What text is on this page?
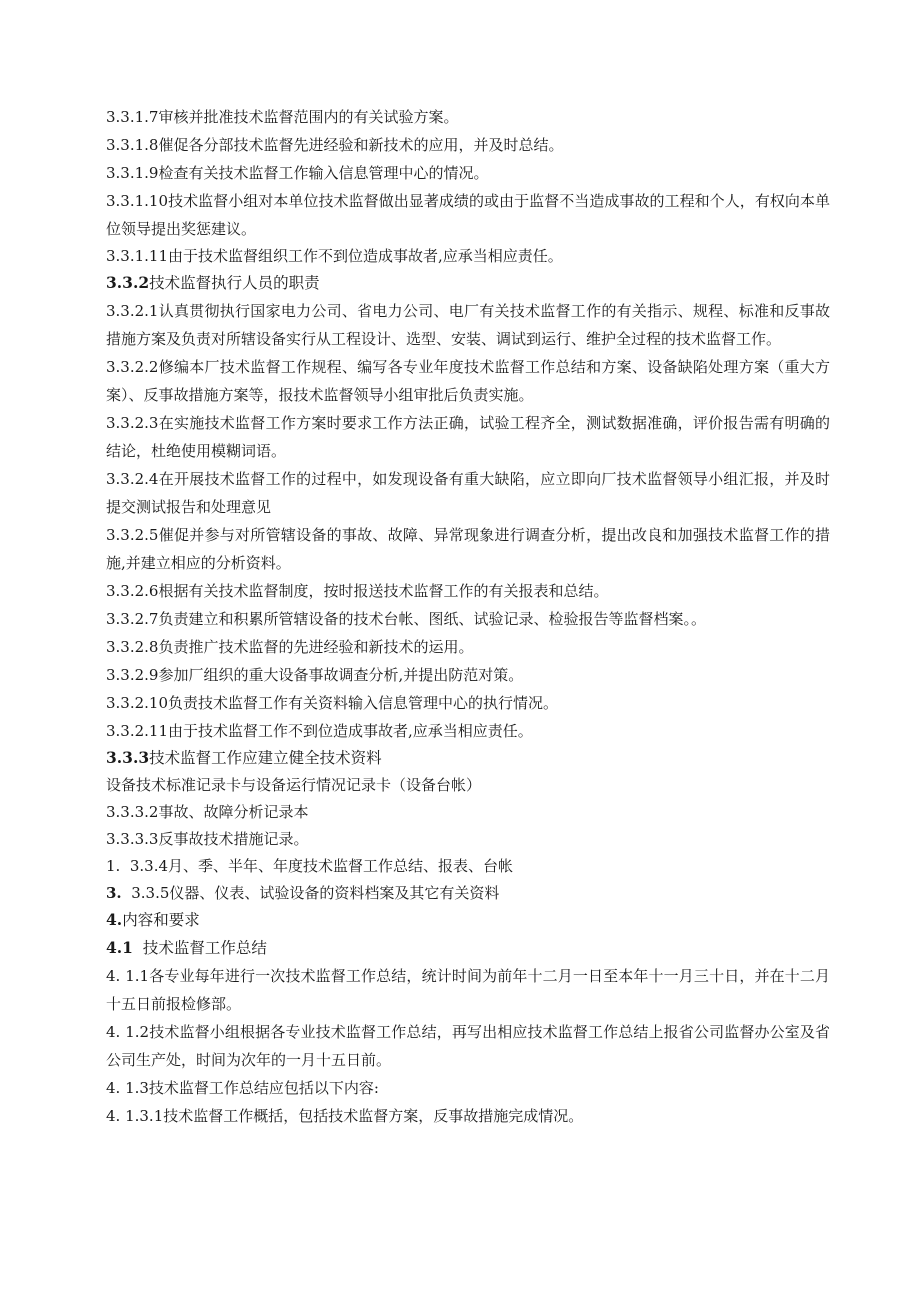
3.3.1.7审核并批准技术监督范围内的有关试验方案。
3.3.1.8催促各分部技术监督先进经验和新技术的应用，并及时总结。
3.3.1.9检查有关技术监督工作输入信息管理中心的情况。
3.3.1.10技术监督小组对本单位技术监督做出显著成绩的或由于监督不当造成事故的工程和个人，有权向本单位领导提出奖惩建议。
3.3.1.11由于技术监督组织工作不到位造成事故者,应承当相应责任。
3.3.2技术监督执行人员的职责
3.3.2.1认真贯彻执行国家电力公司、省电力公司、电厂有关技术监督工作的有关指示、规程、标准和反事故措施方案及负责对所辖设备实行从工程设计、选型、安装、调试到运行、维护全过程的技术监督工作。
3.3.2.2修编本厂技术监督工作规程、编写各专业年度技术监督工作总结和方案、设备缺陷处理方案（重大方案）、反事故措施方案等，报技术监督领导小组审批后负责实施。
3.3.2.3在实施技术监督工作方案时要求工作方法正确，试验工程齐全，测试数据准确，评价报告需有明确的结论，杜绝使用模糊词语。
3.3.2.4在开展技术监督工作的过程中，如发现设备有重大缺陷，应立即向厂技术监督领导小组汇报，并及时提交测试报告和处理意见
3.3.2.5催促并参与对所管辖设备的事故、故障、异常现象进行调查分析，提出改良和加强技术监督工作的措施,并建立相应的分析资料。
3.3.2.6根据有关技术监督制度，按时报送技术监督工作的有关报表和总结。
3.3.2.7负责建立和积累所管辖设备的技术台帐、图纸、试验记录、检验报告等监督档案。。
3.3.2.8负责推广技术监督的先进经验和新技术的运用。
3.3.2.9参加厂组织的重大设备事故调查分析,并提出防范对策。
3.3.2.10负责技术监督工作有关资料输入信息管理中心的执行情况。
3.3.2.11由于技术监督工作不到位造成事故者,应承当相应责任。
3.3.3技术监督工作应建立健全技术资料
设备技术标准记录卡与设备运行情况记录卡（设备台帐）
3.3.3.2事故、故障分析记录本
3.3.3.3反事故技术措施记录。
1. 3.3.4月、季、半年、年度技术监督工作总结、报表、台帐
3. 3.3.5仪器、仪表、试验设备的资料档案及其它有关资料
4.内容和要求
4.1 技术监督工作总结
4. 1.1各专业每年进行一次技术监督工作总结，统计时间为前年十二月一日至本年十一月三十日，并在十二月十五日前报检修部。
4. 1.2技术监督小组根据各专业技术监督工作总结，再写出相应技术监督工作总结上报省公司监督办公室及省公司生产处，时间为次年的一月十五日前。
4. 1.3技术监督工作总结应包括以下内容:
4. 1.3.1技术监督工作概括，包括技术监督方案，反事故措施完成情况。
